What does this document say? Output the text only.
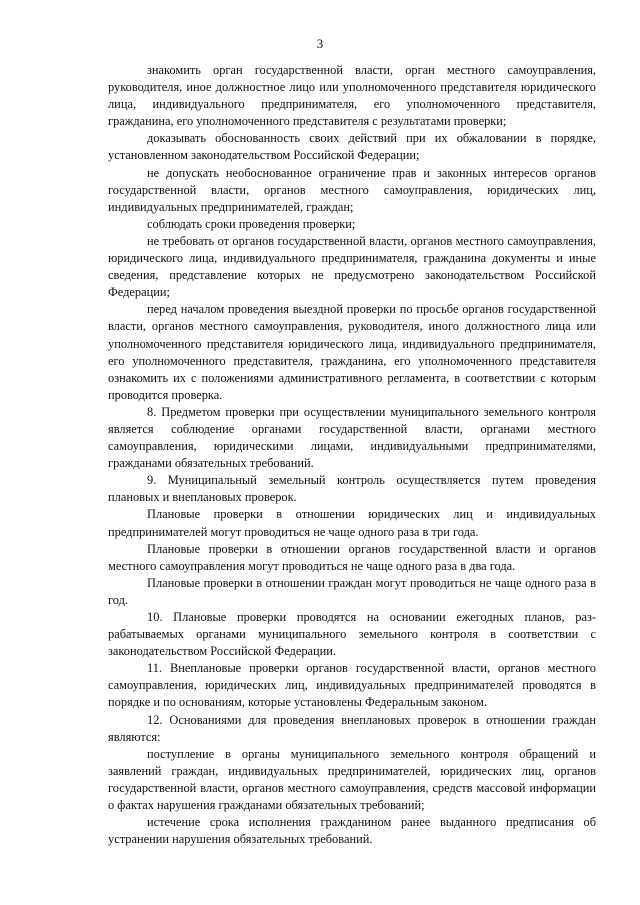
3

знакомить орган государственной власти, орган местного самоуправления, руководителя, иное должностное лицо или уполномоченного представителя юридического лица, индивидуального предпринимателя, его уполномоченного представителя, гражданина, его уполномоченного представителя с результатами проверки;

доказывать обоснованность своих действий при их обжаловании в порядке, установленном законодательством Российской Федерации;

не допускать необоснованное ограничение прав и законных интересов органов государственной власти, органов местного самоуправления, юридических лиц, индивидуальных предпринимателей, граждан;

соблюдать сроки проведения проверки;

не требовать от органов государственной власти, органов местного самоуправления, юридического лица, индивидуального предпринимателя, гражданина документы и иные сведения, представление которых не предусмотрено законодательством Российской Федерации;

перед началом проведения выездной проверки по просьбе органов государственной власти, органов местного самоуправления, руководителя, иного должностного лица или уполномоченного представителя юридического лица, индивидуального предпринимателя, его уполномоченного представителя, гражданина, его уполномоченного представителя ознакомить их с положениями административного регламента, в соответствии с которым проводится проверка.

8. Предметом проверки при осуществлении муниципального земельного контроля является соблюдение органами государственной власти, органами местного самоуправления, юридическими лицами, индивидуальными предпринимателями, гражданами обязательных требований.

9. Муниципальный земельный контроль осуществляется путем проведения плановых и внеплановых проверок.

Плановые проверки в отношении юридических лиц и индивидуальных предпринимателей могут проводиться не чаще одного раза в три года.

Плановые проверки в отношении органов государственной власти и органов местного самоуправления могут проводиться не чаще одного раза в два года.

Плановые проверки в отношении граждан могут проводиться не чаще одного раза в год.

10. Плановые проверки проводятся на основании ежегодных планов, разрабатываемых органами муниципального земельного контроля в соответствии с законодательством Российской Федерации.

11. Внеплановые проверки органов государственной власти, органов местного самоуправления, юридических лиц, индивидуальных предпринимателей проводятся в порядке и по основаниям, которые установлены Федеральным законом.

12. Основаниями для проведения внеплановых проверок в отношении граждан являются:

поступление в органы муниципального земельного контроля обращений и заявлений граждан, индивидуальных предпринимателей, юридических лиц, органов государственной власти, органов местного самоуправления, средств массовой информации о фактах нарушения гражданами обязательных требований;

истечение срока исполнения гражданином ранее выданного предписания об устранении нарушения обязательных требований.
